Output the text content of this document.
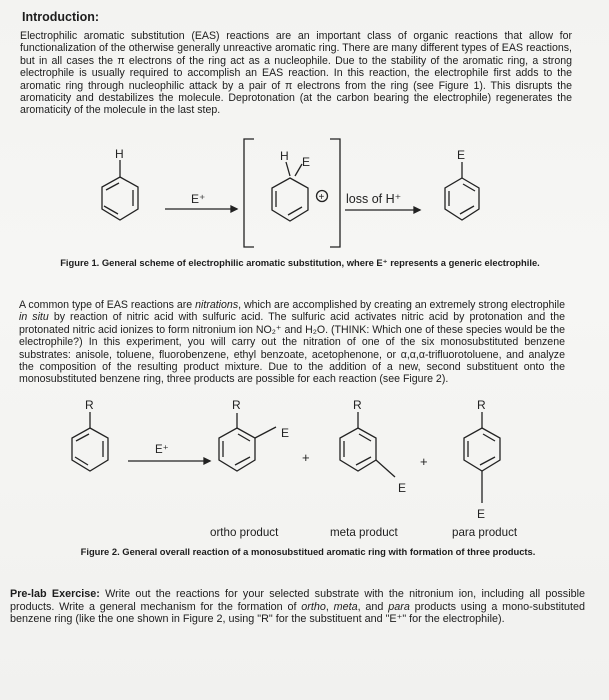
Introduction:
Electrophilic aromatic substitution (EAS) reactions are an important class of organic reactions that allow for functionalization of the otherwise generally unreactive aromatic ring. There are many different types of EAS reactions, but in all cases the π electrons of the ring act as a nucleophile. Due to the stability of the aromatic ring, a strong electrophile is usually required to accomplish an EAS reaction. In this reaction, the electrophile first adds to the aromatic ring through nucleophilic attack by a pair of π electrons from the ring (see Figure 1). This disrupts the aromaticity and destabilizes the molecule. Deprotonation (at the carbon bearing the electrophile) regenerates the aromaticity of the molecule in the last step.
H
E⁺
H E
+ loss of H⁺
E
R
E⁺
R
E
+
R
E
+
R
E
Figure 1. General scheme of electrophilic aromatic substitution, where E⁺ represents a generic electrophile.
A common type of EAS reactions are nitrations, which are accomplished by creating an extremely strong electrophile in situ by reaction of nitric acid with sulfuric acid. The sulfuric acid activates nitric acid by protonation and the protonated nitric acid ionizes to form nitronium ion NO₂⁺ and H₂O. (THINK: Which one of these species would be the electrophile?) In this experiment, you will carry out the nitration of one of the six monosubstituted benzene substrates: anisole, toluene, fluorobenzene, ethyl benzoate, acetophenone, or α,α,α-trifluorotoluene, and analyze the composition of the resulting product mixture. Due to the addition of a new, second substituent onto the monosubstituted benzene ring, three products are possible for each reaction (see Figure 2).
ortho product	meta product	para product
Figure 2. General overall reaction of a monosubstitued aromatic ring with formation of three products.
Pre-lab Exercise: Write out the reactions for your selected substrate with the nitronium ion, including all possible products. Write a general mechanism for the formation of ortho, meta, and para products using a mono-substituted benzene ring (like the one shown in Figure 2, using "R" for the substituent and "E⁺" for the electrophile).
